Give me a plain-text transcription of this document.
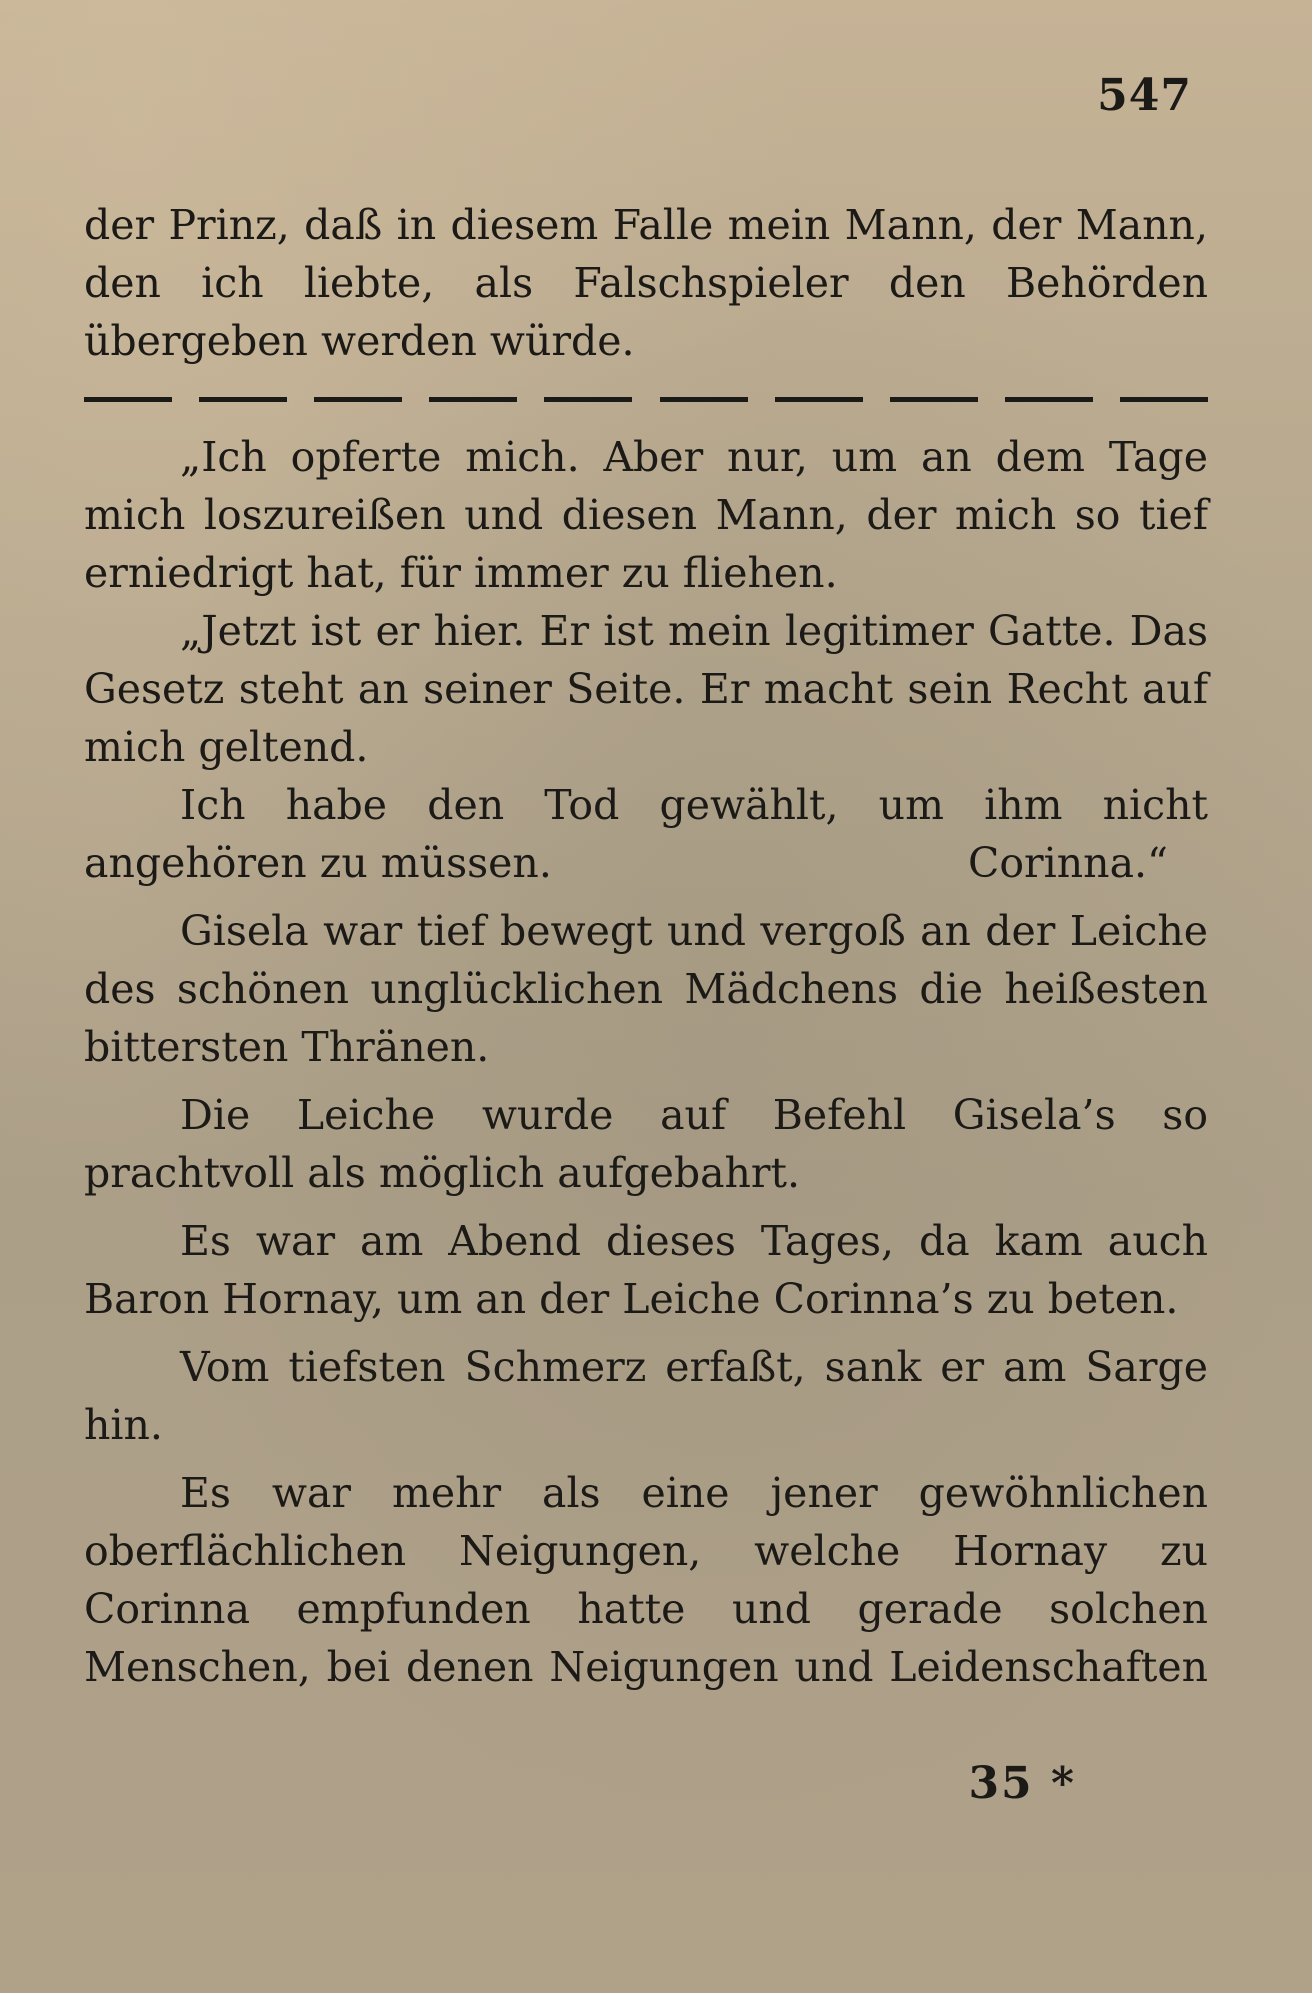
547

der Prinz, daß in diesem Falle mein Mann, der Mann, den ich liebte, als Falschspieler den Behörden übergeben werden würde.

„Ich opferte mich. Aber nur, um an dem Tage mich loszureißen und diesen Mann, der mich so tief erniedrigt hat, für immer zu fliehen.

„Jetzt ist er hier. Er ist mein legitimer Gatte. Das Gesetz steht an seiner Seite. Er macht sein Recht auf mich geltend.

Ich habe den Tod gewählt, um ihm nicht

angehören zu müssen.	Corinna.“

Gisela war tief bewegt und vergoß an der Leiche des schönen unglücklichen Mädchens die heißesten bittersten Thränen.

Die Leiche wurde auf Befehl Gisela’s so prachtvoll als möglich aufgebahrt.

Es war am Abend dieses Tages, da kam auch Baron Hornay, um an der Leiche Corinna’s zu beten.

Vom tiefsten Schmerz erfaßt, sank er am Sarge hin.

Es war mehr als eine jener gewöhnlichen oberflächlichen Neigungen, welche Hornay zu Corinna empfunden hatte und gerade solchen Menschen, bei denen Neigungen und Leidenschaften

35 *
